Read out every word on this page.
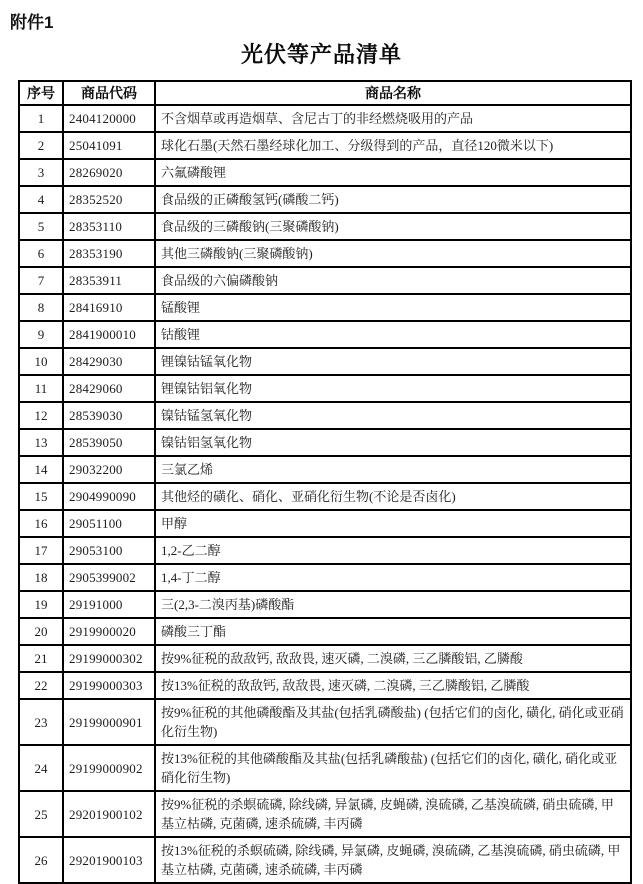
附件1
光伏等产品清单
序号	商品代码	商品名称
1	2404120000	不含烟草或再造烟草、含尼古丁的非经燃烧吸用的产品
2	25041091	球化石墨(天然石墨经球化加工、分级得到的产品，直径120微米以下)
3	28269020	六氟磷酸锂
4	28352520	食品级的正磷酸氢钙(磷酸二钙)
5	28353110	食品级的三磷酸钠(三聚磷酸钠)
6	28353190	其他三磷酸钠(三聚磷酸钠)
7	28353911	食品级的六偏磷酸钠
8	28416910	锰酸锂
9	2841900010	钴酸锂
10	28429030	锂镍钴锰氧化物
11	28429060	锂镍钴铝氧化物
12	28539030	镍钴锰氢氧化物
13	28539050	镍钴铝氢氧化物
14	29032200	三氯乙烯
15	2904990090	其他烃的磺化、硝化、亚硝化衍生物(不论是否卤化)
16	29051100	甲醇
17	29053100	1,2-乙二醇
18	2905399002	1,4-丁二醇
19	29191000	三(2,3-二溴丙基)磷酸酯
20	2919900020	磷酸三丁酯
21	29199000302	按9%征税的敌敌钙, 敌敌畏, 速灭磷, 二溴磷, 三乙膦酸铝, 乙膦酸
22	29199000303	按13%征税的敌敌钙, 敌敌畏, 速灭磷, 二溴磷, 三乙膦酸铝, 乙膦酸
23	29199000901	按9%征税的其他磷酸酯及其盐(包括乳磷酸盐) (包括它们的卤化, 磺化, 硝化或亚硝化衍生物)
24	29199000902	按13%征税的其他磷酸酯及其盐(包括乳磷酸盐) (包括它们的卤化, 磺化, 硝化或亚硝化衍生物)
25	29201900102	按9%征税的杀螟硫磷, 除线磷, 异氯磷, 皮蝇磷, 溴硫磷, 乙基溴硫磷, 硝虫硫磷, 甲基立枯磷, 克菌磷, 速杀硫磷, 丰丙磷
26	29201900103	按13%征税的杀螟硫磷, 除线磷, 异氯磷, 皮蝇磷, 溴硫磷, 乙基溴硫磷, 硝虫硫磷, 甲基立枯磷, 克菌磷, 速杀硫磷, 丰丙磷
